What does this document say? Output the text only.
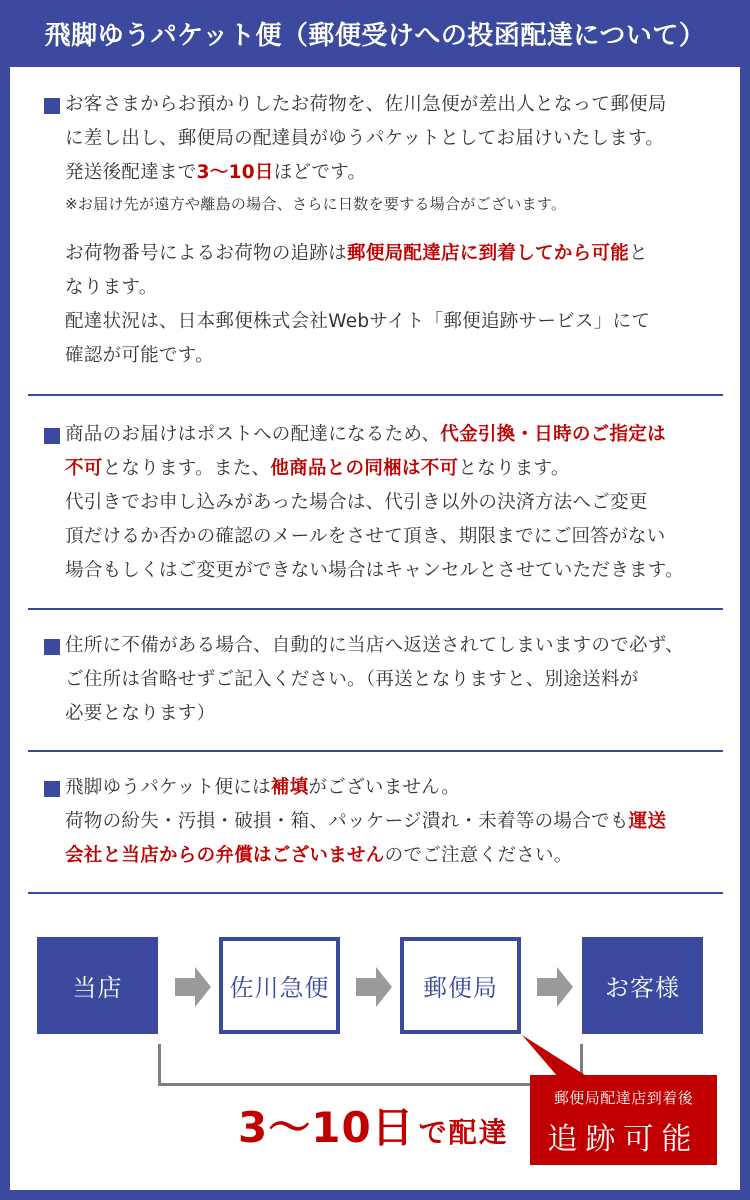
飛脚ゆうパケット便（郵便受けへの投函配達について）
お客さまからお預かりしたお荷物を、佐川急便が差出人となって郵便局
に差し出し、郵便局の配達員がゆうパケットとしてお届けいたします。
発送後配達まで3〜10日ほどです。
※お届け先が遠方や離島の場合、さらに日数を要する場合がございます。
お荷物番号によるお荷物の追跡は郵便局配達店に到着してから可能と
なります。
配達状況は、日本郵便株式会社Webサイト「郵便追跡サービス」にて
確認が可能です。
商品のお届けはポストへの配達になるため、代金引換・日時のご指定は
不可となります。また、他商品との同梱は不可となります。
代引きでお申し込みがあった場合は、代引き以外の決済方法へご変更
頂だけるか否かの確認のメールをさせて頂き、期限までにご回答がない
場合もしくはご変更ができない場合はキャンセルとさせていただきます。
住所に不備がある場合、自動的に当店へ返送されてしまいますので必ず、
ご住所は省略せずご記入ください。（再送となりますと、別途送料が
必要となります）
飛脚ゆうパケット便には補填がございません。
荷物の紛失・汚損・破損・箱、パッケージ潰れ・未着等の場合でも運送
会社と当店からの弁償はございませんのでご注意ください。
当店	佐川急便	郵便局	お客様
3〜10日 で配達
郵便局配達店到着後
追跡可能
